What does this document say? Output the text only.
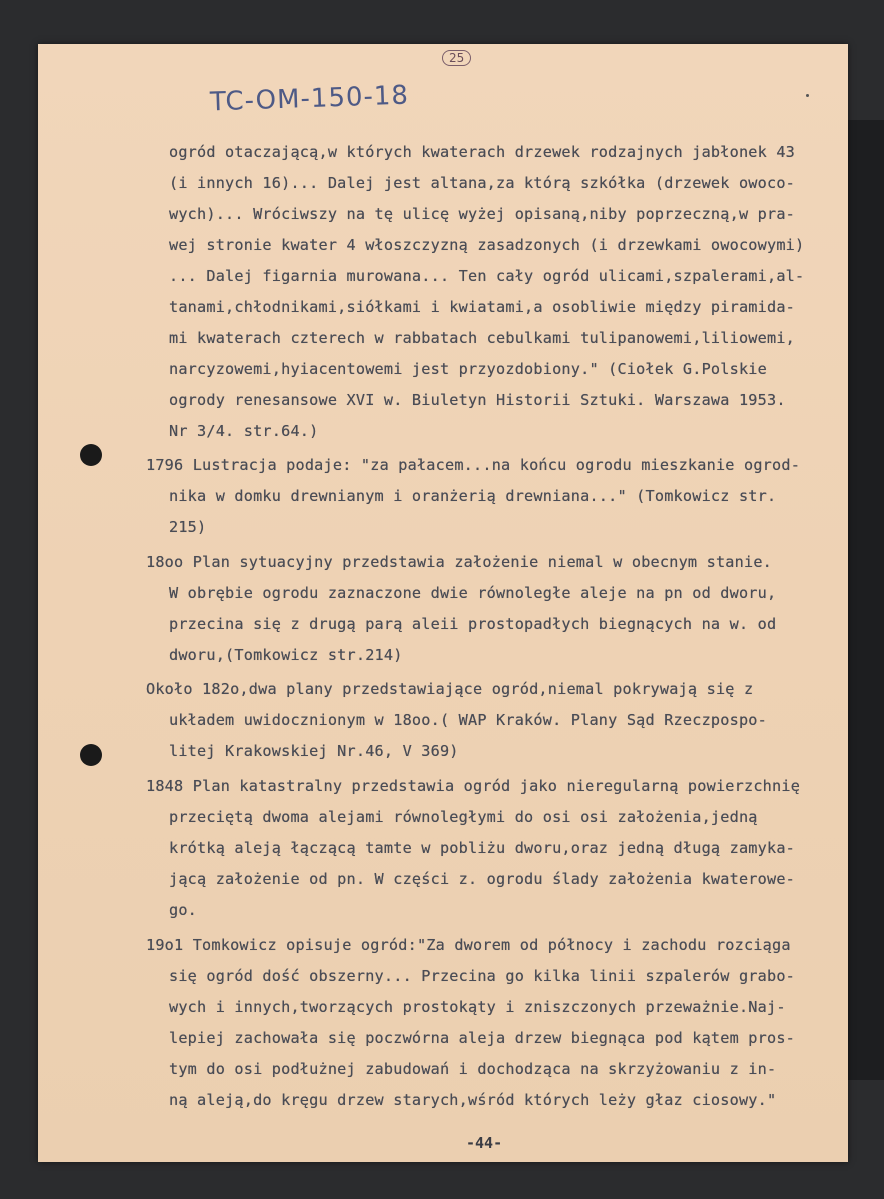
25
TC-OM-150-18
ogród otaczającą,w których kwaterach drzewek rodzajnych jabłonek 43
(i innych 16)... Dalej jest altana,za którą szkółka (drzewek owoco-
wych)... Wróciwszy na tę ulicę wyżej opisaną,niby poprzeczną,w pra-
wej stronie kwater 4 włoszczyzną zasadzonych (i drzewkami owocowymi)
... Dalej figarnia murowana... Ten cały ogród ulicami,szpalerami,al-
tanami,chłodnikami,siółkami i kwiatami,a osobliwie między piramida-
mi kwaterach czterech w rabbatach cebulkami tulipanowemi,liliowemi,
narcyzowemi,hyiacentowemi jest przyozdobiony." (Ciołek G.Polskie
ogrody renesansowe XVI w. Biuletyn Historii Sztuki. Warszawa 1953.
Nr 3/4. str.64.)
1796 Lustracja podaje: "za pałacem...na końcu ogrodu mieszkanie ogrod-
nika w domku drewnianym i oranżerią drewniana..." (Tomkowicz str.
215)
18oo Plan sytuacyjny przedstawia założenie niemal w obecnym stanie.
W obrębie ogrodu zaznaczone dwie równoległe aleje na pn od dworu,
przecina się z drugą parą aleii prostopadłych biegnących na w. od
dworu,(Tomkowicz str.214)
Około 182o,dwa plany przedstawiające ogród,niemal pokrywają się z
układem uwidocznionym w 18oo.( WAP Kraków. Plany Sąd Rzeczpospo-
litej Krakowskiej Nr.46, V 369)
1848 Plan katastralny przedstawia ogród jako nieregularną powierzchnię
przeciętą dwoma alejami równoległymi do osi osi założenia,jedną
krótką aleją łączącą tamte w pobliżu dworu,oraz jedną długą zamyka-
jącą założenie od pn. W części z. ogrodu ślady założenia kwaterowe-
go.
19o1 Tomkowicz opisuje ogród:"Za dworem od północy i zachodu rozciąga
się ogród dość obszerny... Przecina go kilka linii szpalerów grabo-
wych i innych,tworzących prostokąty i zniszczonych przeważnie.Naj-
lepiej zachowała się poczwórna aleja drzew biegnąca pod kątem pros-
tym do osi podłużnej zabudowań i dochodząca na skrzyżowaniu z in-
ną aleją,do kręgu drzew starych,wśród których leży głaz ciosowy."
-44-
